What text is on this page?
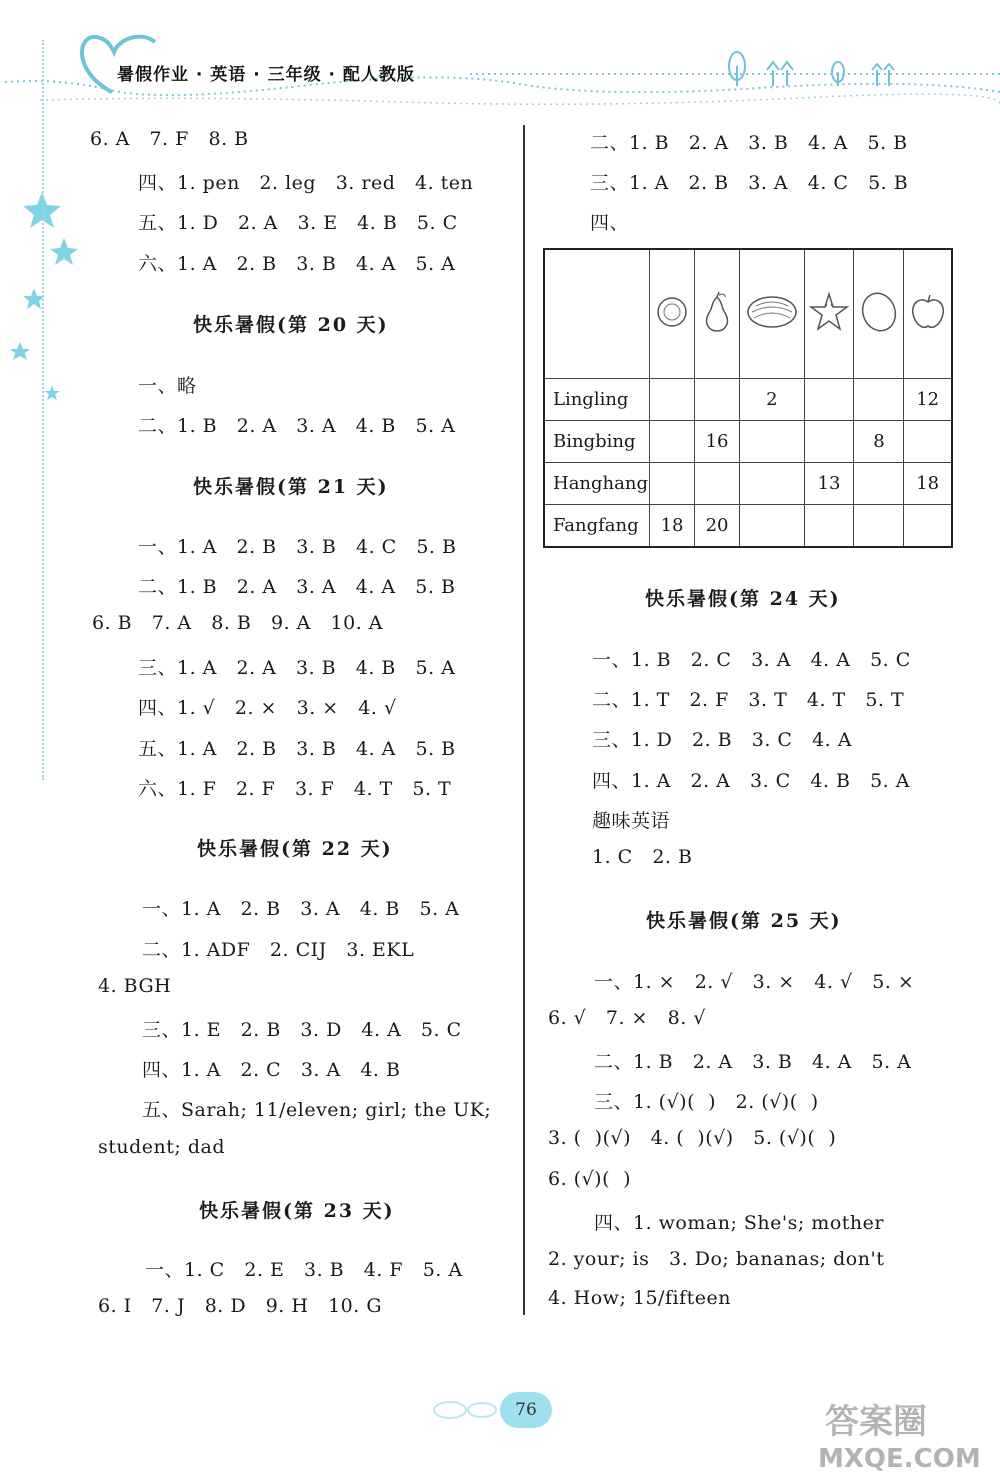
暑假作业 · 英语 · 三年级 · 配人教版
6. A   7. F   8. B
四、1. pen   2. leg   3. red   4. ten
五、1. D   2. A   3. E   4. B   5. C
六、1. A   2. B   3. B   4. A   5. A
快乐暑假(第 20 天)
一、略
二、1. B   2. A   3. A   4. B   5. A
快乐暑假(第 21 天)
一、1. A   2. B   3. B   4. C   5. B
二、1. B   2. A   3. A   4. A   5. B
6. B   7. A   8. B   9. A   10. A
三、1. A   2. A   3. B   4. B   5. A
四、1. √   2. ×   3. ×   4. √
五、1. A   2. B   3. B   4. A   5. B
六、1. F   2. F   3. F   4. T   5. T
快乐暑假(第 22 天)
一、1. A   2. B   3. A   4. B   5. A
二、1. ADF   2. CIJ   3. EKL
4. BGH
三、1. E   2. B   3. D   4. A   5. C
四、1. A   2. C   3. A   4. B
五、Sarah; 11/eleven; girl; the UK;
student; dad
快乐暑假(第 23 天)
一、1. C   2. E   3. B   4. F   5. A
6. I   7. J   8. D   9. H   10. G
二、1. B   2. A   3. B   4. A   5. B
三、1. A   2. B   3. A   4. C   5. B
四、

Lingling			2			12
Bingbing		16			8	
Hanghang				13		18
Fangfang	18	20				
快乐暑假(第 24 天)
一、1. B   2. C   3. A   4. A   5. C
二、1. T   2. F   3. T   4. T   5. T
三、1. D   2. B   3. C   4. A
四、1. A   2. A   3. C   4. B   5. A
趣味英语
1. C   2. B
快乐暑假(第 25 天)
一、1. ×   2. √   3. ×   4. √   5. ×
6. √   7. ×   8. √
二、1. B   2. A   3. B   4. A   5. A
三、1. (√)(  )   2. (√)(  )
3. (  )(√)   4. (  )(√)   5. (√)(  )
6. (√)(  )
四、1. woman; She's; mother
2. your; is   3. Do; bananas; don't
4. How; 15/fifteen
76	答案圈
MXQE.COM
